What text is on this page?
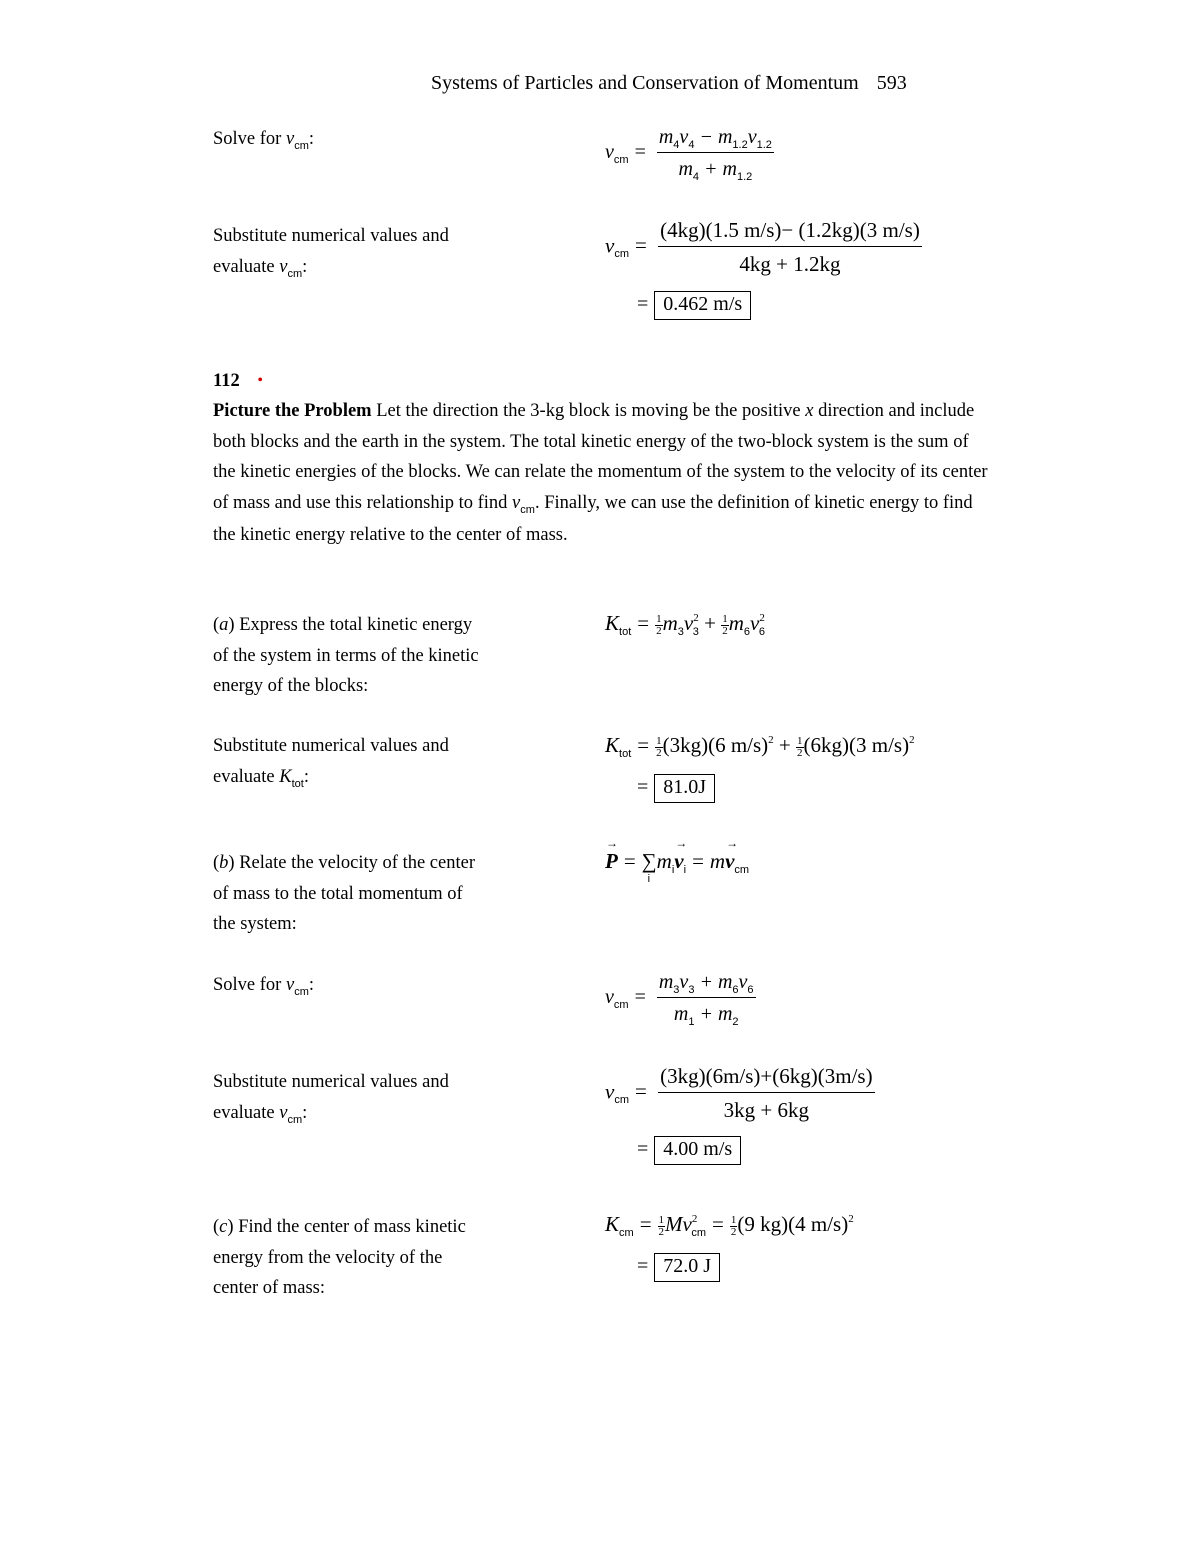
Systems of Particles and Conservation of Momentum 593
Solve for $v_{cm}$:
$v_{cm} = \frac{m_4v_4 - m_{1.2}v_{1.2}}{m_4 + m_{1.2}}$
Substitute numerical values and
evaluate $v_{cm}$:
$v_{cm} = \frac{(4kg)(1.5 m/s)- (1.2kg)(3 m/s)}{4kg + 1.2kg}$
= 0.462 m/s
112 •
Picture the Problem Let the direction the 3-kg block is moving be the positive x direction and include both blocks and the earth in the system. The total kinetic energy of the two-block system is the sum of the kinetic energies of the blocks. We can relate the momentum of the system to the velocity of its center of mass and use this relationship to find $v_{cm}$. Finally, we can use the definition of kinetic energy to find the kinetic energy relative to the center of mass.
(a) Express the total kinetic energy
of the system in terms of the kinetic
energy of the blocks:
$K_{tot} = \frac{1}{2} m_3v^2_3 + \frac{1}{2} m_6v^2_6$
Substitute numerical values and
evaluate $K_{tot}$:
$K_{tot} = \frac{1}{2} (3kg)(6$ $m/s)^2 + \frac{1}{2} (6kg)(3$ m/s)$^2$
= 81.0J
(b) Relate the velocity of the center
of mass to the total momentum of
the system:
P → = ∑
i
$m_iv \to_i$ = mv $\to_{cm}$
Solve for $v_{cm}$:
$v_{cm} = \frac{m_3v_3 + m_6v_6}{m_1 + m_2}$
Substitute numerical values and
evaluate $v_{cm}$:
$v_{cm} = \frac{(3kg)(6m/s)+(6kg)(3m/s)}{3kg + 6kg}$
= 4.00 m/s
(c) Find the center of mass kinetic
energy from the velocity of the
center of mass:
$K_{cm} = \frac{1}{2} Mv^2_{cm} = \frac{1}{2} (9$ kg)(4 m/s)$^2$
= 72.0 J
